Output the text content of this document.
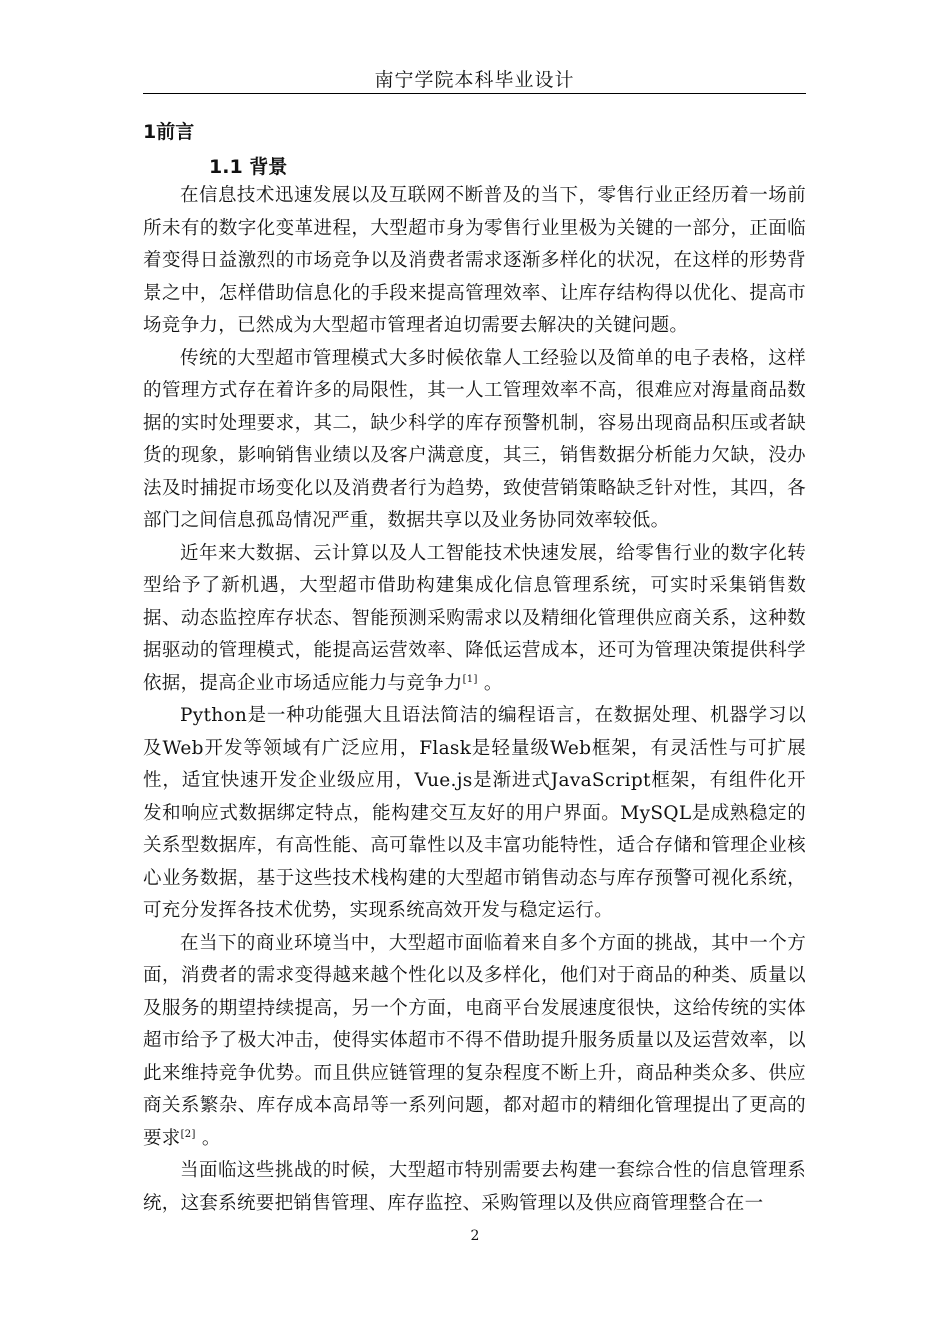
南宁学院本科毕业设计
1前言
1.1 背景

在信息技术迅速发展以及互联网不断普及的当下，零售行业正经历着一场前所未有的数字化变革进程，大型超市身为零售行业里极为关键的一部分，正面临着变得日益激烈的市场竞争以及消费者需求逐渐多样化的状况，在这样的形势背景之中，怎样借助信息化的手段来提高管理效率、让库存结构得以优化、提高市场竞争力，已然成为大型超市管理者迫切需要去解决的关键问题。

传统的大型超市管理模式大多时候依靠人工经验以及简单的电子表格，这样的管理方式存在着许多的局限性，其一人工管理效率不高，很难应对海量商品数据的实时处理要求，其二，缺少科学的库存预警机制，容易出现商品积压或者缺货的现象，影响销售业绩以及客户满意度，其三，销售数据分析能力欠缺，没办法及时捕捉市场变化以及消费者行为趋势，致使营销策略缺乏针对性，其四，各部门之间信息孤岛情况严重，数据共享以及业务协同效率较低。

近年来大数据、云计算以及人工智能技术快速发展，给零售行业的数字化转型给予了新机遇，大型超市借助构建集成化信息管理系统，可实时采集销售数据、动态监控库存状态、智能预测采购需求以及精细化管理供应商关系，这种数据驱动的管理模式，能提高运营效率、降低运营成本，还可为管理决策提供科学依据，提高企业市场适应能力与竞争力[1] 。

Python是一种功能强大且语法简洁的编程语言，在数据处理、机器学习以及Web开发等领域有广泛应用，Flask是轻量级Web框架，有灵活性与可扩展性，适宜快速开发企业级应用，Vue.js是渐进式JavaScript框架，有组件化开发和响应式数据绑定特点，能构建交互友好的用户界面。MySQL是成熟稳定的关系型数据库，有高性能、高可靠性以及丰富功能特性，适合存储和管理企业核心业务数据，基于这些技术栈构建的大型超市销售动态与库存预警可视化系统，可充分发挥各技术优势，实现系统高效开发与稳定运行。

在当下的商业环境当中，大型超市面临着来自多个方面的挑战，其中一个方面，消费者的需求变得越来越个性化以及多样化，他们对于商品的种类、质量以及服务的期望持续提高，另一个方面，电商平台发展速度很快，这给传统的实体超市给予了极大冲击，使得实体超市不得不借助提升服务质量以及运营效率，以此来维持竞争优势。而且供应链管理的复杂程度不断上升，商品种类众多、供应商关系繁杂、库存成本高昂等一系列问题，都对超市的精细化管理提出了更高的要求[2] 。

当面临这些挑战的时候，大型超市特别需要去构建一套综合性的信息管理系统，这套系统要把销售管理、库存监控、采购管理以及供应商管理整合在一

2
